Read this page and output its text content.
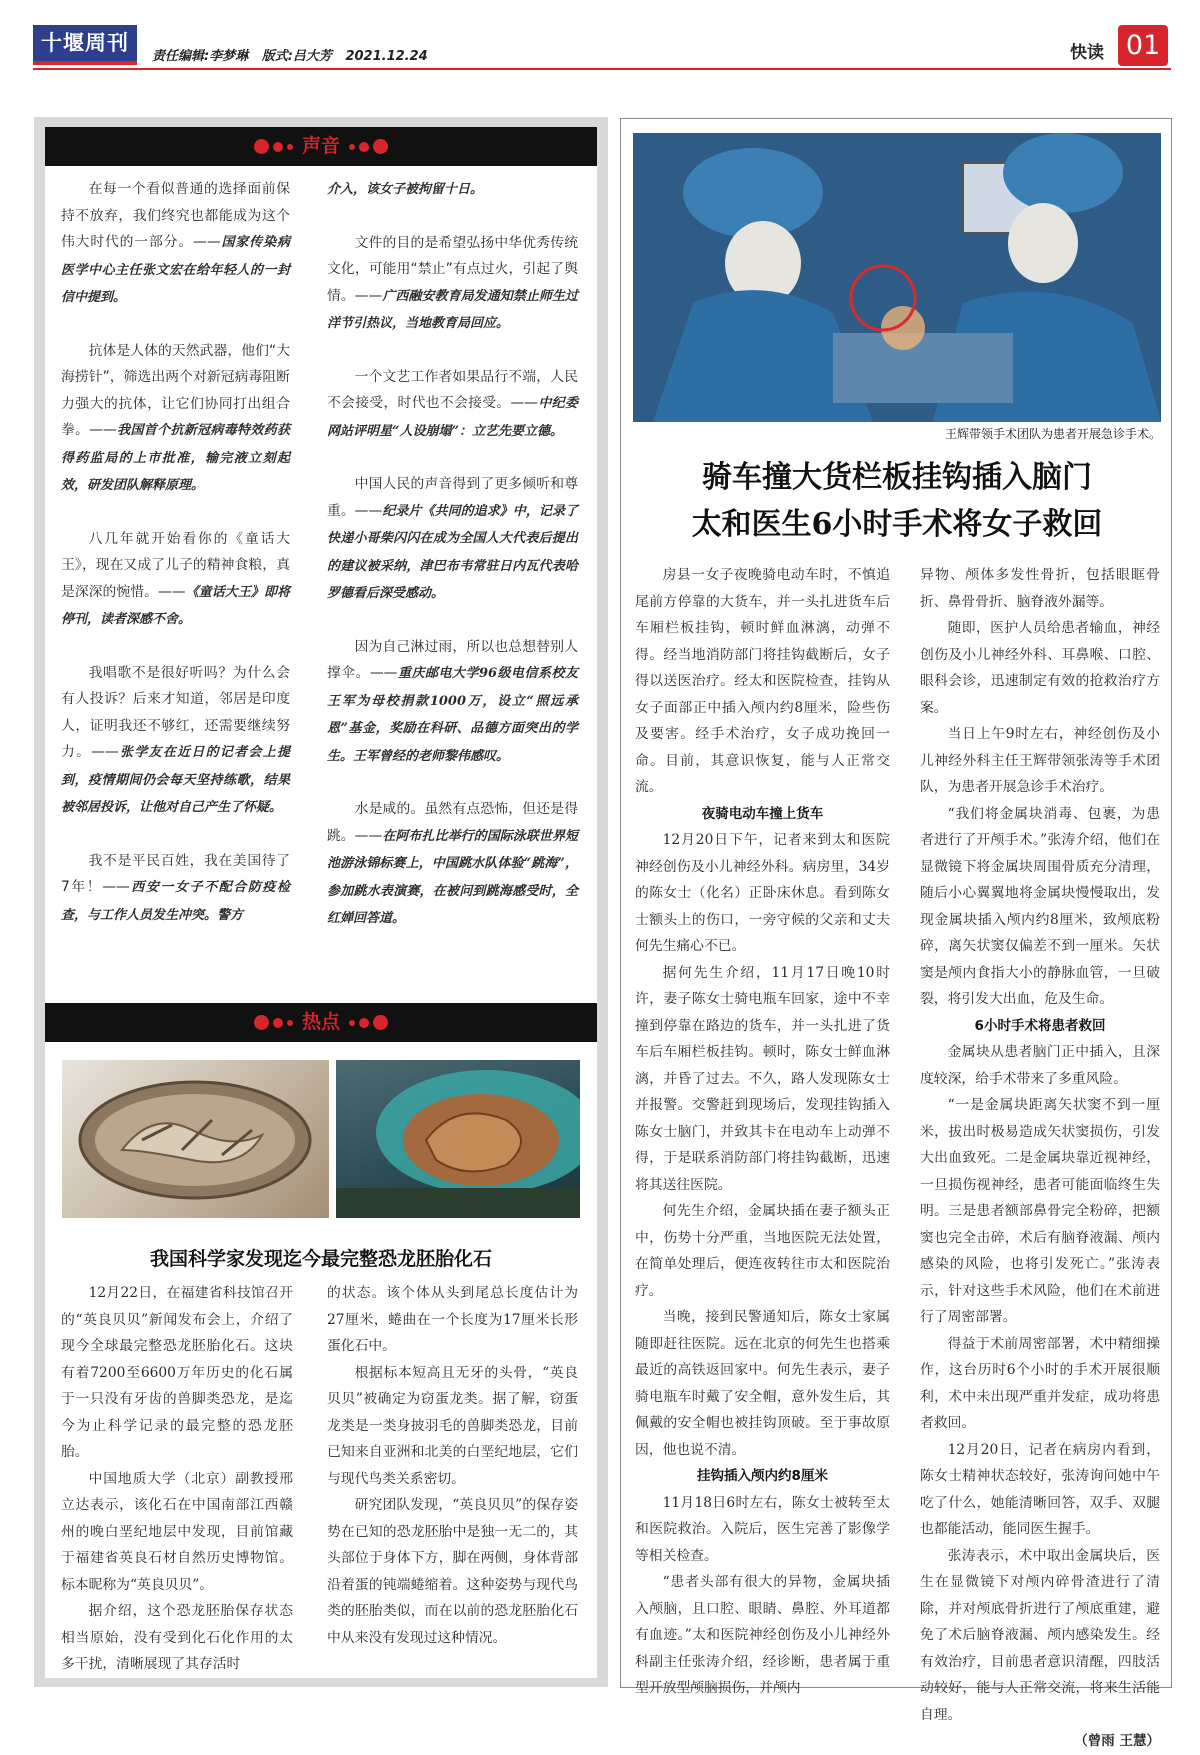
十堰周刊
责任编辑:李梦琳 版式:吕大芳 2021.12.24	快读 01
声音

在每一个看似普通的选择面前保持不放弃，我们终究也都能成为这个伟大时代的一部分。——国家传染病医学中心主任张文宏在给年轻人的一封信中提到。

抗体是人体的天然武器，他们“大海捞针”，筛选出两个对新冠病毒阻断力强大的抗体，让它们协同打出组合拳。——我国首个抗新冠病毒特效药获得药监局的上市批准，输完液立刻起效，研发团队解释原理。

八几年就开始看你的《童话大王》，现在又成了儿子的精神食粮，真是深深的惋惜。——《童话大王》即将停刊，读者深感不舍。

我唱歌不是很好听吗？为什么会有人投诉？后来才知道，邻居是印度人，证明我还不够红，还需要继续努力。——张学友在近日的记者会上提到，疫情期间仍会每天坚持练歌，结果被邻居投诉，让他对自己产生了怀疑。

我不是平民百姓，我在美国待了7年！——西安一女子不配合防疫检查，与工作人员发生冲突。警方

介入，该女子被拘留十日。

文件的目的是希望弘扬中华优秀传统文化，可能用“禁止”有点过火，引起了舆情。——广西融安教育局发通知禁止师生过洋节引热议，当地教育局回应。

一个文艺工作者如果品行不端，人民不会接受，时代也不会接受。——中纪委网站评明星“人设崩塌”：立艺先要立德。

中国人民的声音得到了更多倾听和尊重。——纪录片《共同的追求》中，记录了快递小哥柴闪闪在成为全国人大代表后提出的建议被采纳，津巴布韦常驻日内瓦代表哈罗德看后深受感动。

因为自己淋过雨，所以也总想替别人撑伞。——重庆邮电大学96级电信系校友王军为母校捐款1000万，设立“照远承恩”基金，奖励在科研、品德方面突出的学生。王军曾经的老师黎伟感叹。

水是咸的。虽然有点恐怖，但还是得跳。——在阿布扎比举行的国际泳联世界短池游泳锦标赛上，中国跳水队体验“跳海”，参加跳水表演赛，在被问到跳海感受时，全红婵回答道。

热点
我国科学家发现迄今最完整恐龙胚胎化石

12月22日，在福建省科技馆召开的“英良贝贝”新闻发布会上，介绍了现今全球最完整恐龙胚胎化石。这块有着7200至6600万年历史的化石属于一只没有牙齿的兽脚类恐龙，是迄今为止科学记录的最完整的恐龙胚胎。

中国地质大学（北京）副教授邢立达表示，该化石在中国南部江西赣州的晚白垩纪地层中发现，目前馆藏于福建省英良石材自然历史博物馆。标本昵称为“英良贝贝”。

据介绍，这个恐龙胚胎保存状态相当原始，没有受到化石化作用的太多干扰，清晰展现了其存活时

的状态。该个体从头到尾总长度估计为27厘米，蜷曲在一个长度为17厘米长形蛋化石中。

根据标本短高且无牙的头骨，“英良贝贝”被确定为窃蛋龙类。据了解，窃蛋龙类是一类身披羽毛的兽脚类恐龙，目前已知来自亚洲和北美的白垩纪地层，它们与现代鸟类关系密切。

研究团队发现，“英良贝贝”的保存姿势在已知的恐龙胚胎中是独一无二的，其头部位于身体下方，脚在两侧，身体背部沿着蛋的钝端蜷缩着。这种姿势与现代鸟类的胚胎类似，而在以前的恐龙胚胎化石中从来没有发现过这种情况。

王辉带领手术团队为患者开展急诊手术。
骑车撞大货栏板挂钩插入脑门
太和医生6小时手术将女子救回

房县一女子夜晚骑电动车时，不慎追尾前方停靠的大货车，并一头扎进货车后车厢栏板挂钩，顿时鲜血淋漓，动弹不得。经当地消防部门将挂钩截断后，女子得以送医治疗。经太和医院检查，挂钩从女子面部正中插入颅内约8厘米，险些伤及要害。经手术治疗，女子成功挽回一命。目前，其意识恢复，能与人正常交流。

夜骑电动车撞上货车

12月20日下午，记者来到太和医院神经创伤及小儿神经外科。病房里，34岁的陈女士（化名）正卧床休息。看到陈女士额头上的伤口，一旁守候的父亲和丈夫何先生痛心不已。

据何先生介绍，11月17日晚10时许，妻子陈女士骑电瓶车回家，途中不幸撞到停靠在路边的货车，并一头扎进了货车后车厢栏板挂钩。顿时，陈女士鲜血淋漓，并昏了过去。不久，路人发现陈女士并报警。交警赶到现场后，发现挂钩插入陈女士脑门，并致其卡在电动车上动弹不得，于是联系消防部门将挂钩截断，迅速将其送往医院。

何先生介绍，金属块插在妻子额头正中，伤势十分严重，当地医院无法处置，在简单处理后，便连夜转往市太和医院治疗。

当晚，接到民警通知后，陈女士家属随即赶往医院。远在北京的何先生也搭乘最近的高铁返回家中。何先生表示，妻子骑电瓶车时戴了安全帽，意外发生后，其佩戴的安全帽也被挂钩顶破。至于事故原因，他也说不清。

挂钩插入颅内约8厘米

11月18日6时左右，陈女士被转至太和医院救治。入院后，医生完善了影像学等相关检查。

“患者头部有很大的异物，金属块插入颅脑，且口腔、眼睛、鼻腔、外耳道都有血迹。”太和医院神经创伤及小儿神经外科副主任张涛介绍，经诊断，患者属于重型开放型颅脑损伤，并颅内

异物、颅体多发性骨折，包括眼眶骨折、鼻骨骨折、脑脊液外漏等。

随即，医护人员给患者输血，神经创伤及小儿神经外科、耳鼻喉、口腔、眼科会诊，迅速制定有效的抢救治疗方案。

当日上午9时左右，神经创伤及小儿神经外科主任王辉带领张涛等手术团队，为患者开展急诊手术治疗。

“我们将金属块消毒、包裹，为患者进行了开颅手术。”张涛介绍，他们在显微镜下将金属块周围骨质充分清理，随后小心翼翼地将金属块慢慢取出，发现金属块插入颅内约8厘米，致颅底粉碎，离矢状窦仅偏差不到一厘米。矢状窦是颅内食指大小的静脉血管，一旦破裂，将引发大出血，危及生命。

6小时手术将患者救回

金属块从患者脑门正中插入，且深度较深，给手术带来了多重风险。

“一是金属块距离矢状窦不到一厘米，拔出时极易造成矢状窦损伤，引发大出血致死。二是金属块靠近视神经，一旦损伤视神经，患者可能面临终生失明。三是患者额部鼻骨完全粉碎，把额窦也完全击碎，术后有脑脊液漏、颅内感染的风险，也将引发死亡。”张涛表示，针对这些手术风险，他们在术前进行了周密部署。

得益于术前周密部署，术中精细操作，这台历时6个小时的手术开展很顺利，术中未出现严重并发症，成功将患者救回。

12月20日，记者在病房内看到，陈女士精神状态较好，张涛询问她中午吃了什么，她能清晰回答，双手、双腿也都能活动，能同医生握手。

张涛表示，术中取出金属块后，医生在显微镜下对颅内碎骨渣进行了清除，并对颅底骨折进行了颅底重建，避免了术后脑脊液漏、颅内感染发生。经有效治疗，目前患者意识清醒，四肢活动较好，能与人正常交流，将来生活能自理。

（曾雨 王慧）
